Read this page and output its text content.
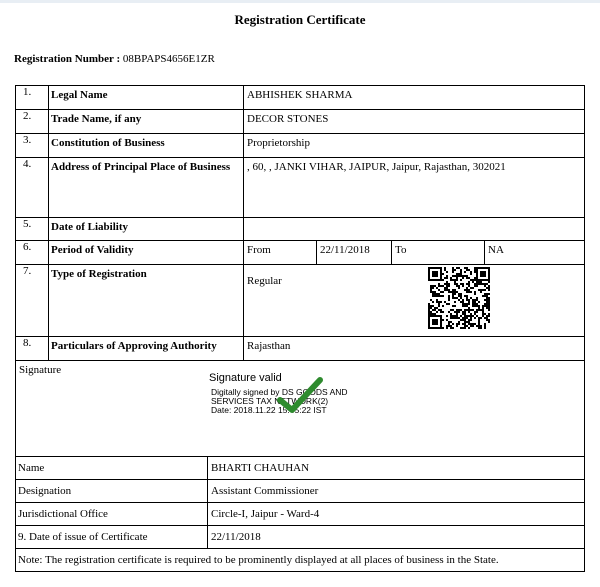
Registration Certificate
Registration Number : 08BPAPS4656E1ZR
1.	Legal Name	ABHISHEK SHARMA			
2.	Trade Name, if any	DECOR STONES			
3.	Constitution of Business	Proprietorship			
4.	Address of Principal Place of Business	, 60, , JANKI VIHAR, JAIPUR, Jaipur, Rajasthan, 302021			
5.	Date of Liability				
6.	Period of Validity	From	22/11/2018	To	NA
7.	Type of Registration	Regular			
8.	Particulars of Approving Authority	Rajasthan			
Signature
Signature valid
Digitally signed by DS GOODS AND
SERVICES TAX NETWORK(2)
Date: 2018.11.22 15:45:22 IST
Name	BHARTI CHAUHAN
Designation	Assistant Commissioner
Jurisdictional Office	Circle-I, Jaipur - Ward-4
9. Date of issue of Certificate	22/11/2018
Note: The registration certificate is required to be prominently displayed at all places of business in the State.	
